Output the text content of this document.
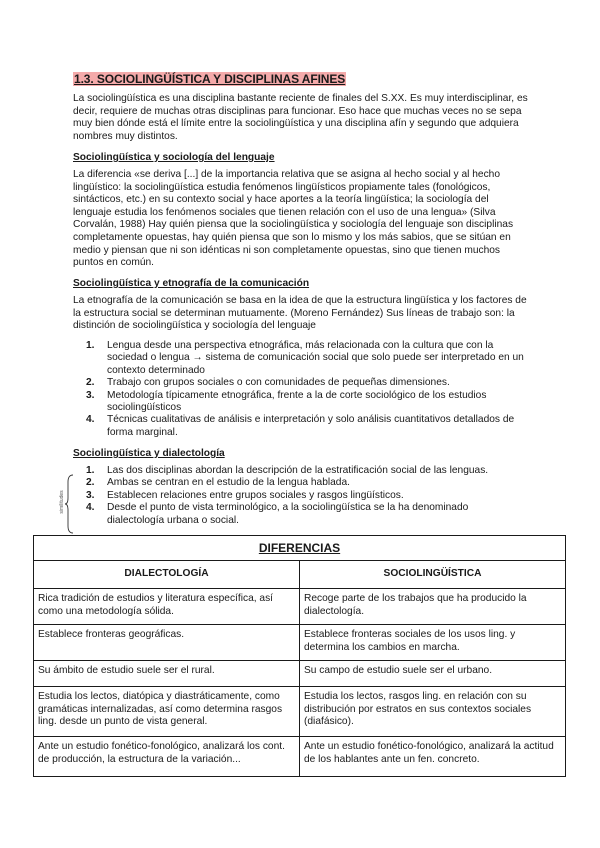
1.3. SOCIOLINGÜÍSTICA Y DISCIPLINAS AFINES

La sociolingüística es una disciplina bastante reciente de finales del S.XX. Es muy interdisciplinar, es decir, requiere de muchas otras disciplinas para funcionar. Eso hace que muchas veces no se sepa muy bien dónde está el límite entre la sociolingüística y una disciplina afín y segundo que adquiera nombres muy distintos.

Sociolingüística y sociología del lenguaje

La diferencia «se deriva [...] de la importancia relativa que se asigna al hecho social y al hecho lingüístico: la sociolingüística estudia fenómenos lingüísticos propiamente tales (fonológicos, sintácticos, etc.) en su contexto social y hace aportes a la teoría lingüística; la sociología del lenguaje estudia los fenómenos sociales que tienen relación con el uso de una lengua» (Silva Corvalán, 1988) Hay quién piensa que la sociolingüística y sociología del lenguaje son disciplinas completamente opuestas, hay quién piensa que son lo mismo y los más sabios, que se sitúan en medio y piensan que ni son idénticas ni son completamente opuestas, sino que tienen muchos puntos en común.

Sociolingüística y etnografía de la comunicación

La etnografía de la comunicación se basa en la idea de que la estructura lingüística y los factores de la estructura social se determinan mutuamente. (Moreno Fernández) Sus líneas de trabajo son: la distinción de sociolingüística y sociología del lenguaje

1. Lengua desde una perspectiva etnográfica, más relacionada con la cultura que con la sociedad o lengua → sistema de comunicación social que solo puede ser interpretado en un contexto determinado
2. Trabajo con grupos sociales o con comunidades de pequeñas dimensiones.
3. Metodología típicamente etnográfica, frente a la de corte sociológico de los estudios sociolingüísticos
4. Técnicas cualitativas de análisis e interpretación y solo análisis cuantitativos detallados de forma marginal.

Sociolingüística y dialectología

similitudes
1. Las dos disciplinas abordan la descripción de la estratificación social de las lenguas.
2. Ambas se centran en el estudio de la lengua hablada.
3. Establecen relaciones entre grupos sociales y rasgos lingüísticos.
4. Desde el punto de vista terminológico, a la sociolingüística se la ha denominado dialectología urbana o social.
DIFERENCIAS	
DIALECTOLOGÍA	SOCIOLINGÜÍSTICA
Rica tradición de estudios y literatura específica, así como una metodología sólida.	Recoge parte de los trabajos que ha producido la dialectología.
Establece fronteras geográficas.	Establece fronteras sociales de los usos ling. y determina los cambios en marcha.
Su ámbito de estudio suele ser el rural.	Su campo de estudio suele ser el urbano.
Estudia los lectos, diatópica y diastráticamente, como gramáticas internalizadas, así como determina rasgos ling. desde un punto de vista general.	Estudia los lectos, rasgos ling. en relación con su distribución por estratos en sus contextos sociales (diafásico).
Ante un estudio fonético-fonológico, analizará los cont. de producción, la estructura de la variación...	Ante un estudio fonético-fonológico, analizará la actitud de los hablantes ante un fen. concreto.
